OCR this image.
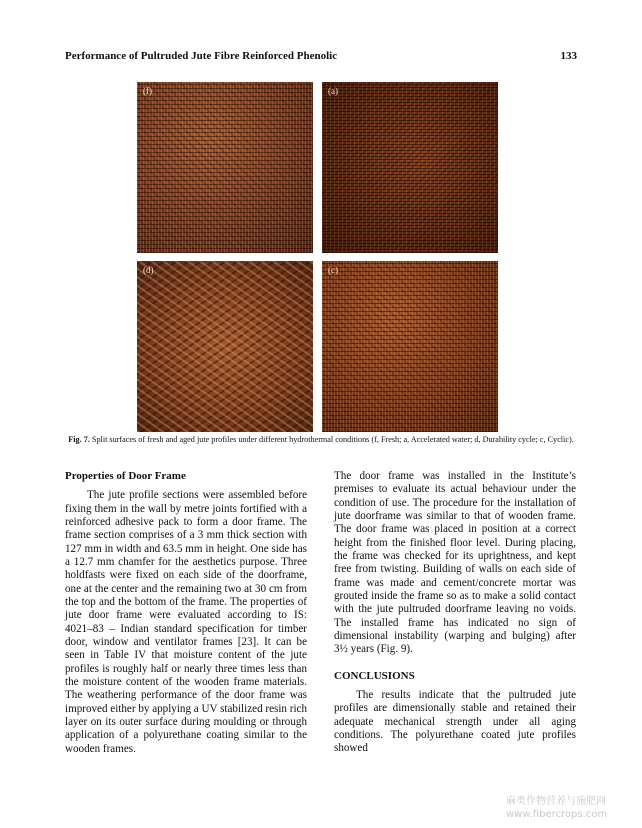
Performance of Pultruded Jute Fibre Reinforced Phenolic	133
(f)	(a)
(d)	(c)
Fig. 7. Split surfaces of fresh and aged jute profiles under different hydrothermal conditions (f, Fresh; a, Accelerated water; d, Durability cycle; c, Cyclic).
Properties of Door Frame

The jute profile sections were assembled before fixing them in the wall by metre joints fortified with a reinforced adhesive pack to form a door frame. The frame section comprises of a 3 mm thick section with 127 mm in width and 63.5 mm in height. One side has a 12.7 mm chamfer for the aesthetics purpose. Three holdfasts were fixed on each side of the doorframe, one at the center and the remaining two at 30 cm from the top and the bottom of the frame. The properties of jute door frame were evaluated according to IS: 4021–83 – Indian standard specification for timber door, window and ventilator frames [23]. It can be seen in Table IV that moisture content of the jute profiles is roughly half or nearly three times less than the moisture content of the wooden frame materials. The weathering performance of the door frame was improved either by applying a UV stabilized resin rich layer on its outer surface during moulding or through application of a polyurethane coating similar to the wooden frames.

The door frame was installed in the Institute’s premises to evaluate its actual behaviour under the condition of use. The procedure for the installation of jute doorframe was similar to that of wooden frame. The door frame was placed in position at a correct height from the finished floor level. During placing, the frame was checked for its uprightness, and kept free from twisting. Building of walls on each side of frame was made and cement/concrete mortar was grouted inside the frame so as to make a solid contact with the jute pultruded doorframe leaving no voids. The installed frame has indicated no sign of dimensional instability (warping and bulging) after 3½ years (Fig. 9).

CONCLUSIONS

The results indicate that the pultruded jute profiles are dimensionally stable and retained their adequate mechanical strength under all aging conditions. The polyurethane coated jute profiles showed

麻类作物营养与施肥网
www.fibercrops.com
